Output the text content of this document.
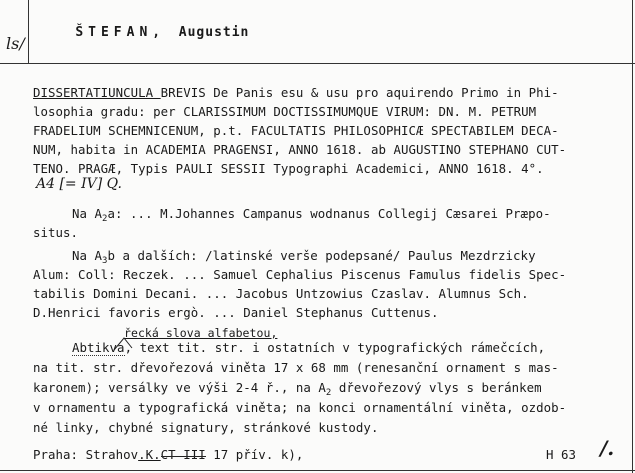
ŠTEFAN, Augustin

ls/
DISSERTATIUNCULA BREVIS De Panis esu & usu pro aquirendo Primo in Phi-
losophia gradu: per CLARISSIMUM DOCTISSIMUMQUE VIRUM: DN. M. PETRUM
FRADELIUM SCHEMNICENUM, p.t. FACULTATIS PHILOSOPHICÆ SPECTABILEM DECA-
NUM, habita in ACADEMIA PRAGENSI, ANNO 1618. ab AUGUSTINO STEPHANO CUT-
TENO. PRAGÆ, Typis PAULI SESSII Typographi Academici, ANNO 1618. 4°.
A4 [= IV] Q.
Na $A_2a$: ... M.Johannes Campanus wodnanus Collegij Cæsarei Præpo-
situs.
Na $A_3b$ a dalších: /latinské verše podepsané/ Paulus Mezdrzicky
Alum: Coll: Reczek. ... Samuel Cephalius Piscenus Famulus fidelis Spec-
tabilis Domini Decani. ... Jacobus Untzowius Czaslav. Alumnus Sch.
D.Henrici favoris ergò. ... Daniel Stephanus Cuttenus.
řecká slova alfabetou,
Abtikva, text tit. str. i ostatních v typografických rámečcích,
na tit. str. dřevořezová viněta 17 x 68 mm (renesanční ornament s mas-
karonem); versálky ve výši 2-4 ř., na $A_2$ dřevořezový vlys s beránkem
v ornamentu a typografická viněta; na konci ornamentální viněta, ozdob-
né linky, chybné signatury, stránkové kustody.
Praha: Strahov.K.CT III 17 přív. k),	H 63 /.
